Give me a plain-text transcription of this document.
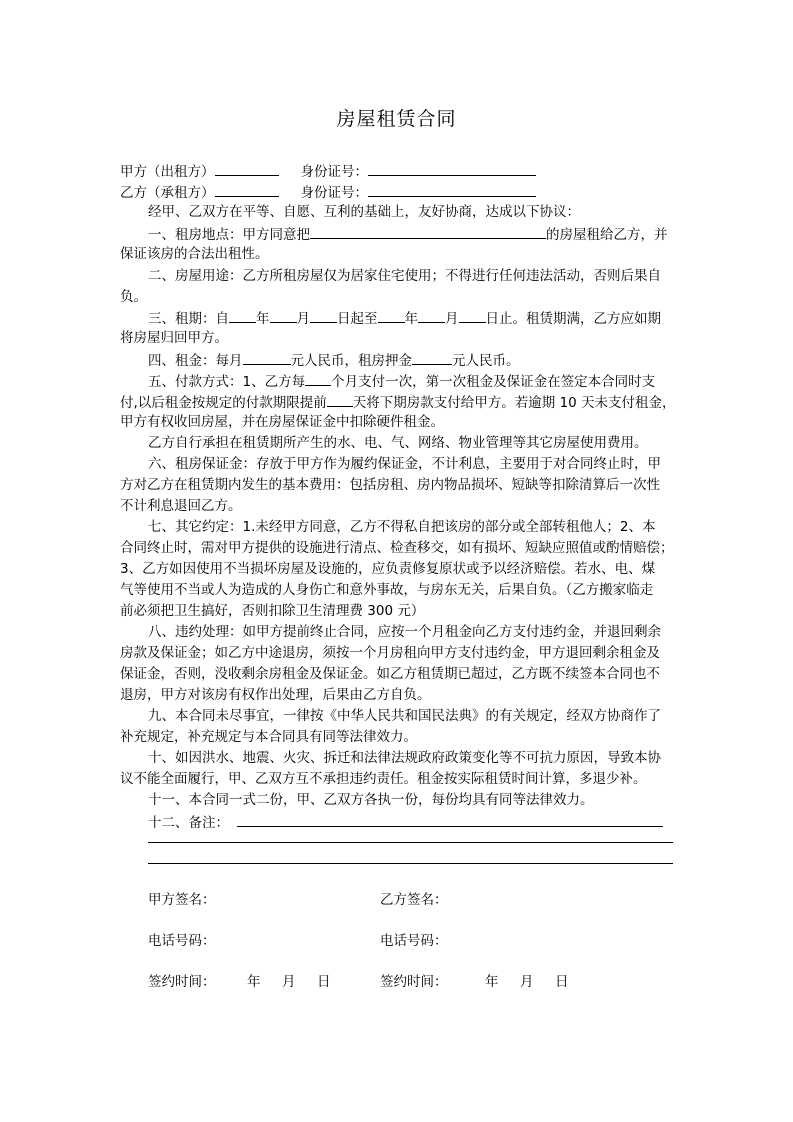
房屋租赁合同
甲方（出租方）	身份证号：
乙方（承租方）	身份证号：
经甲、乙双方在平等、自愿、互利的基础上，友好协商，达成以下协议：
一、租房地点：甲方同意把	的房屋租给乙方，并
保证该房的合法出租性。
二、房屋用途：乙方所租房屋仅为居家住宅使用；不得进行任何违法活动，否则后果自
负。
三、租期：自 年 月 日起至 年 月 日止。租赁期满，乙方应如期
将房屋归回甲方。
四、租金：每月	元人民币，租房押金	元人民币。
五、付款方式：1、乙方每 个月支付一次，第一次租金及保证金在签定本合同时支
付,以后租金按规定的付款期限提前 天将下期房款支付给甲方。若逾期 10 天未支付租金，
甲方有权收回房屋，并在房屋保证金中扣除硬件租金。
乙方自行承担在租赁期所产生的水、电、气、网络、物业管理等其它房屋使用费用。
六、租房保证金：存放于甲方作为履约保证金，不计利息，主要用于对合同终止时，甲
方对乙方在租赁期内发生的基本费用：包括房租、房内物品损坏、短缺等扣除清算后一次性
不计利息退回乙方。
七、其它约定：1.未经甲方同意，乙方不得私自把该房的部分或全部转租他人；2、本
合同终止时，需对甲方提供的设施进行清点、检查移交，如有损坏、短缺应照值或酌情赔偿；
3、乙方如因使用不当损坏房屋及设施的，应负责修复原状或予以经济赔偿。若水、电、煤
气等使用不当或人为造成的人身伤亡和意外事故，与房东无关，后果自负。（乙方搬家临走
前必须把卫生搞好，否则扣除卫生清理费 300 元）
八、违约处理：如甲方提前终止合同，应按一个月租金向乙方支付违约金，并退回剩余
房款及保证金；如乙方中途退房，须按一个月房租向甲方支付违约金，甲方退回剩余租金及
保证金，否则，没收剩余房租金及保证金。如乙方租赁期已超过，乙方既不续签本合同也不
退房，甲方对该房有权作出处理，后果由乙方自负。
九、本合同未尽事宜，一律按《中华人民共和国民法典》的有关规定，经双方协商作了
补充规定，补充规定与本合同具有同等法律效力。
十、如因洪水、地震、火灾、拆迁和法律法规政府政策变化等不可抗力原因，导致本协
议不能全面履行，甲、乙双方互不承担违约责任。租金按实际租赁时间计算，多退少补。
十一、本合同一式二份，甲、乙双方各执一份，每份均具有同等法律效力。
十二、备注：
甲方签名：	乙方签名：
电话号码：	电话号码：
签约时间： 年 月 日	签约时间：	年 月 日
